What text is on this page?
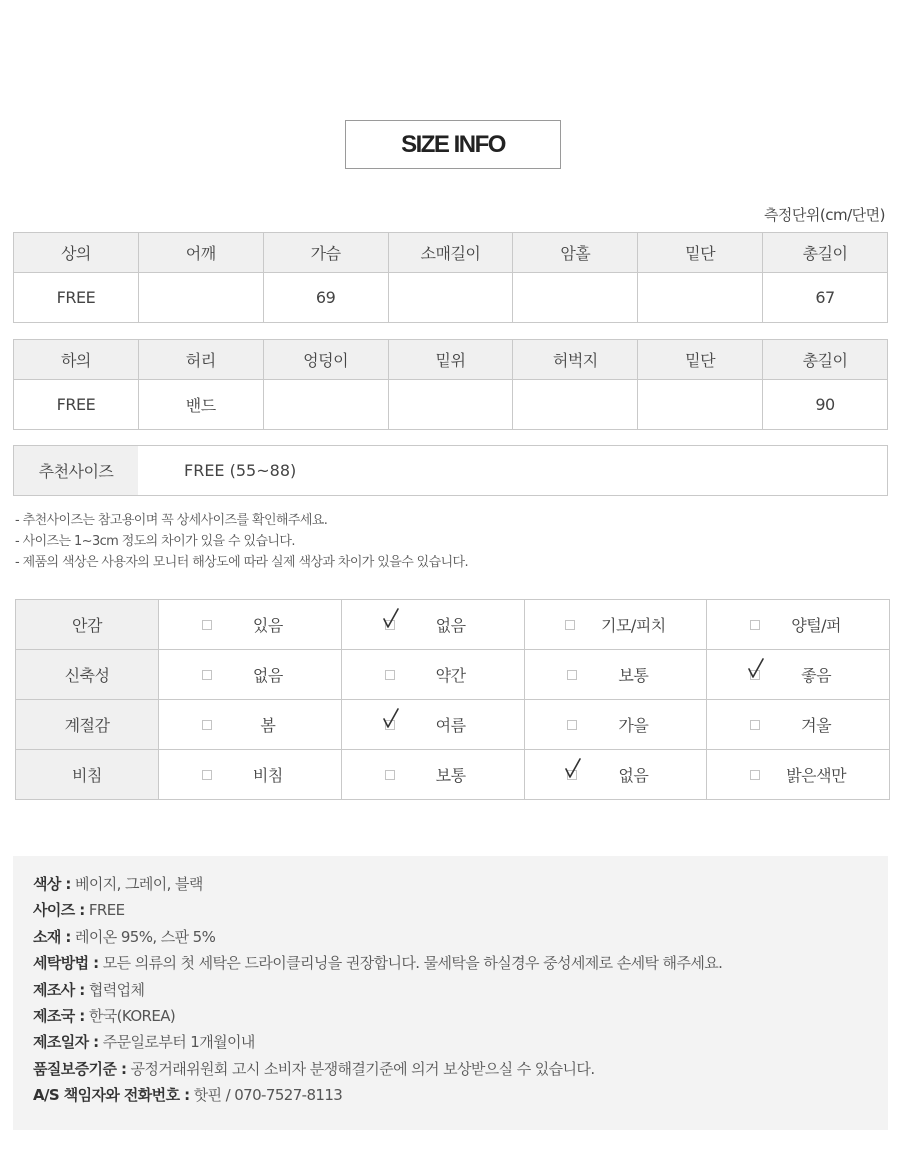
SIZE INFO
측정단위(cm/단면)
상의	어깨	가슴	소매길이	암홀	밑단	총길이
FREE		69				67
하의	허리	엉덩이	밑위	허벅지	밑단	총길이
FREE	밴드					90
추천사이즈	FREE (55~88)
- 추천사이즈는 참고용이며 꼭 상세사이즈를 확인해주세요.
- 사이즈는 1~3cm 정도의 차이가 있을 수 있습니다.
- 제품의 색상은 사용자의 모니터 해상도에 따라 실제 색상과 차이가 있을수 있습니다.
안감	있음	없음	기모/피치	양털/퍼

신축성	없음	약간	보통	좋음

계절감	봄	여름	가을	겨울

비침	비침	보통	없음	밝은색만
색상 : 베이지, 그레이, 블랙
사이즈 : FREE
소재 : 레이온 95%, 스판 5%
세탁방법 : 모든 의류의 첫 세탁은 드라이클리닝을 권장합니다. 물세탁을 하실경우 중성세제로 손세탁 해주세요.
제조사 : 협력업체
제조국 : 한국(KOREA)
제조일자 : 주문일로부터 1개월이내
품질보증기준 : 공정거래위원회 고시 소비자 분쟁해결기준에 의거 보상받으실 수 있습니다.
A/S 책임자와 전화번호 : 핫핀 / 070-7527-8113
